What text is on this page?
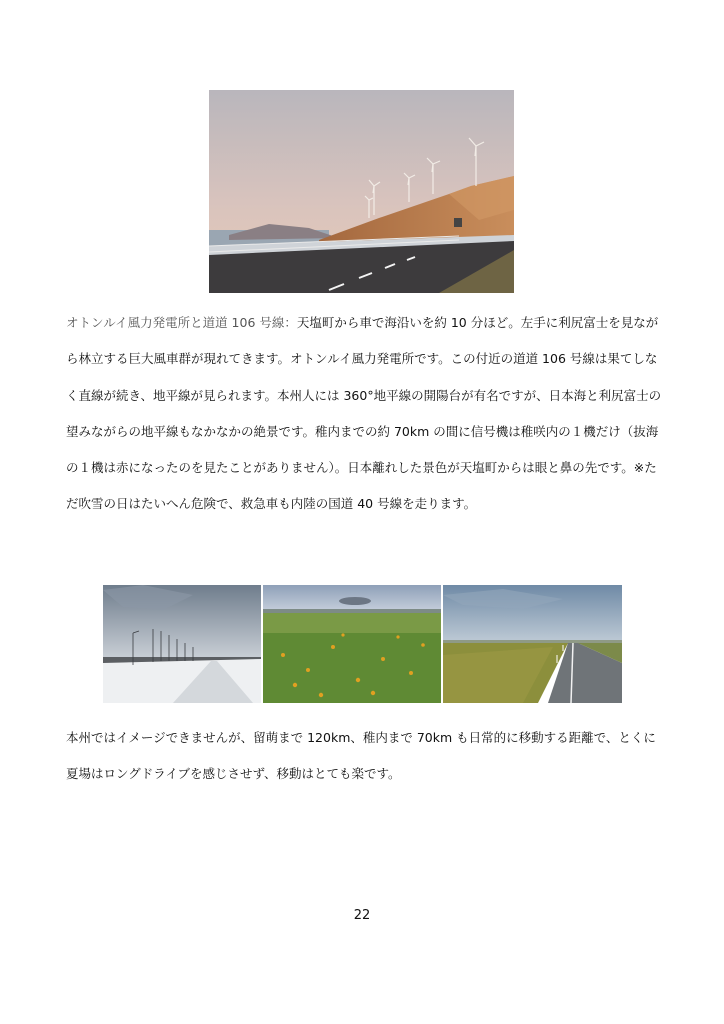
オトンルイ風力発電所と道道 106 号線：天塩町から車で海沿いを約 10 分ほど。左手に利尻富士を見ながら林立する巨大風車群が現れてきます。オトンルイ風力発電所です。この付近の道道 106 号線は果てしなく直線が続き、地平線が見られます。本州人には 360°地平線の開陽台が有名ですが、日本海と利尻富士の望みながらの地平線もなかなかの絶景です。稚内までの約 70km の間に信号機は稚咲内の１機だけ（抜海の１機は赤になったのを見たことがありません）。日本離れした景色が天塩町からは眼と鼻の先です。※ただ吹雪の日はたいへん危険で、救急車も内陸の国道 40 号線を走ります。

本州ではイメージできませんが、留萌まで 120km、稚内まで 70km も日常的に移動する距離で、とくに夏場はロングドライブを感じさせず、移動はとても楽です。

22
